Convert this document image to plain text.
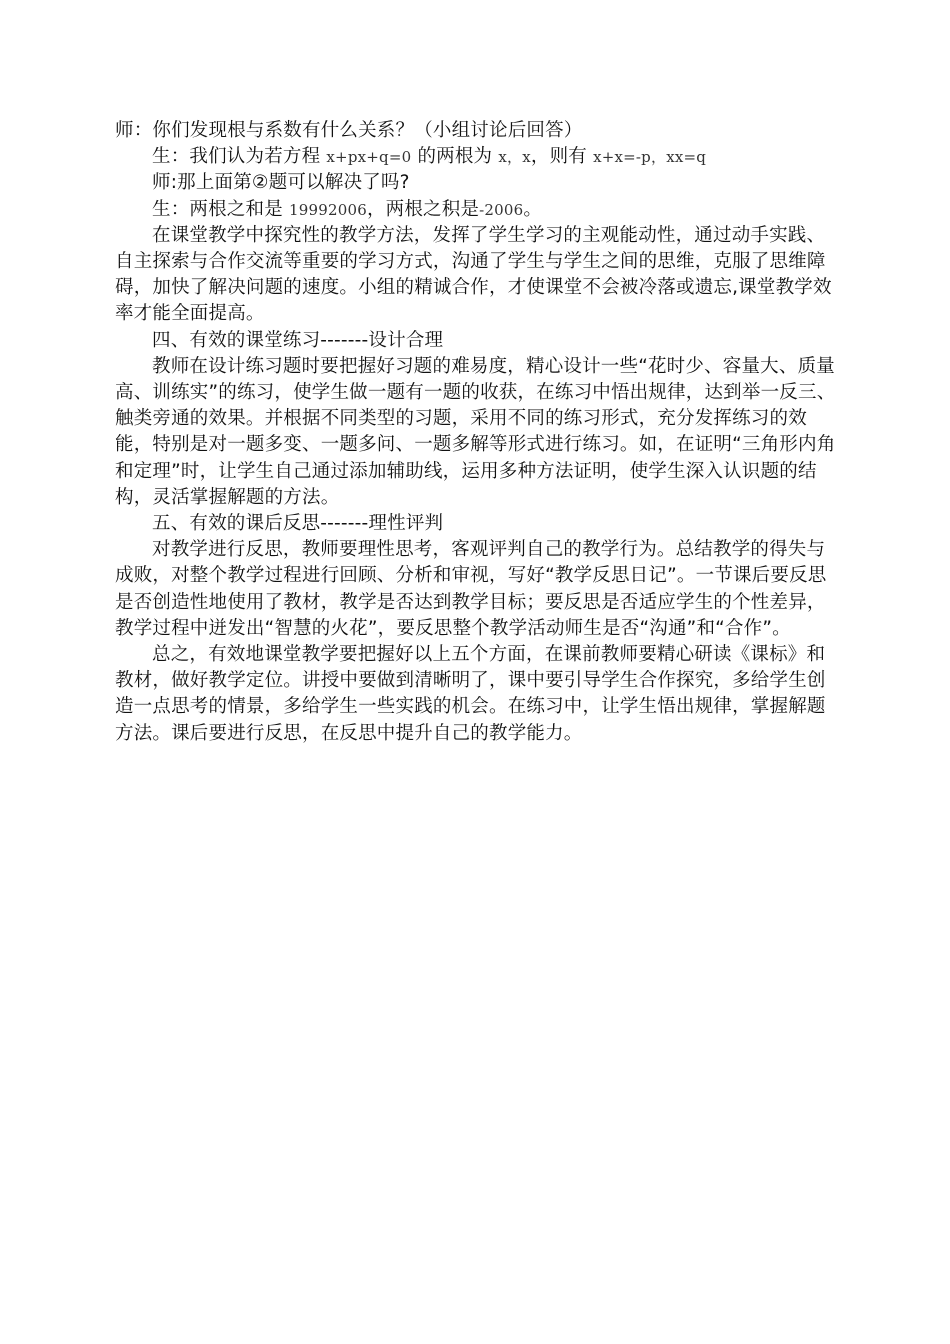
师：你们发现根与系数有什么关系？（小组讨论后回答）

生：我们认为若方程 x+px+q=0 的两根为 x，x，则有 x+x=-p，xx=q

师:那上面第②题可以解决了吗?

生：两根之和是 19992006，两根之积是-2006。

在课堂教学中探究性的教学方法，发挥了学生学习的主观能动性，通过动手实践、自主探索与合作交流等重要的学习方式，沟通了学生与学生之间的思维，克服了思维障碍，加快了解决问题的速度。小组的精诚合作，才使课堂不会被冷落或遗忘,课堂教学效率才能全面提高。

四、有效的课堂练习-------设计合理

教师在设计练习题时要把握好习题的难易度，精心设计一些“花时少、容量大、质量高、训练实”的练习，使学生做一题有一题的收获，在练习中悟出规律，达到举一反三、触类旁通的效果。并根据不同类型的习题，采用不同的练习形式，充分发挥练习的效能，特别是对一题多变、一题多问、一题多解等形式进行练习。如，在证明“三角形内角和定理”时，让学生自己通过添加辅助线，运用多种方法证明，使学生深入认识题的结构，灵活掌握解题的方法。

五、有效的课后反思-------理性评判

对教学进行反思，教师要理性思考，客观评判自己的教学行为。总结教学的得失与成败，对整个教学过程进行回顾、分析和审视，写好“教学反思日记”。一节课后要反思是否创造性地使用了教材，教学是否达到教学目标；要反思是否适应学生的个性差异，教学过程中迸发出“智慧的火花”，要反思整个教学活动师生是否“沟通”和“合作”。

总之，有效地课堂教学要把握好以上五个方面，在课前教师要精心研读《课标》和教材，做好教学定位。讲授中要做到清晰明了，课中要引导学生合作探究，多给学生创造一点思考的情景，多给学生一些实践的机会。在练习中，让学生悟出规律，掌握解题方法。课后要进行反思，在反思中提升自己的教学能力。
